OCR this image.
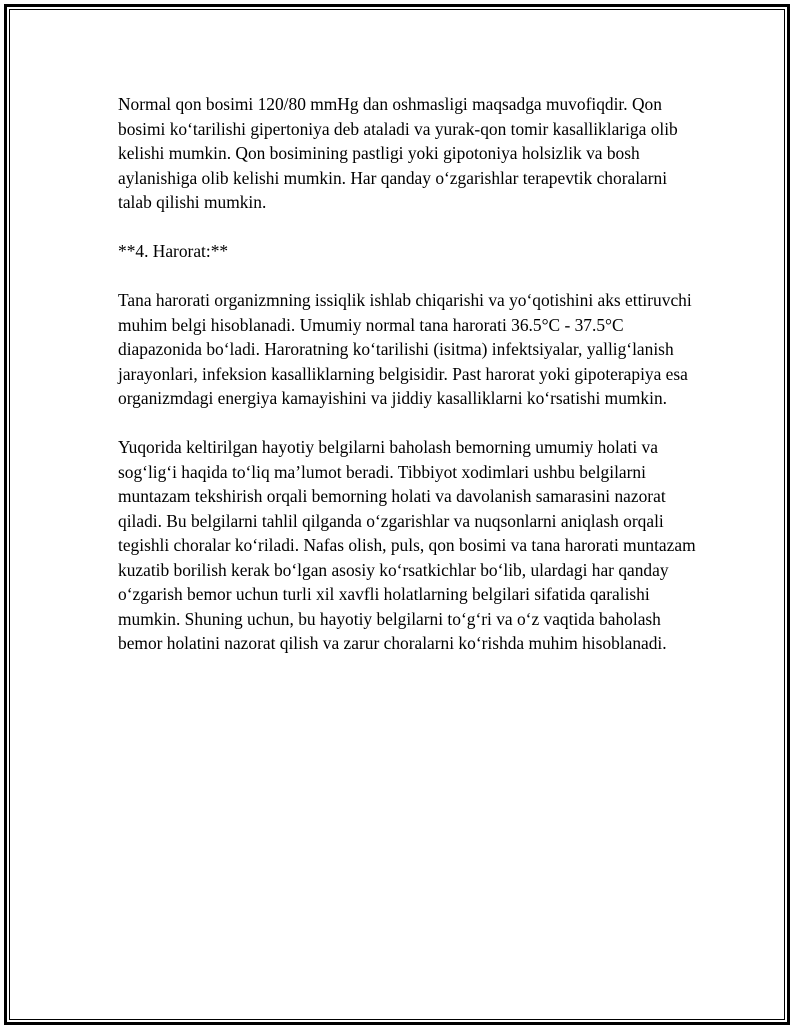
Normal qon bosimi 120/80 mmHg dan oshmasligi maqsadga muvofiqdir. Qon bosimi ko‘tarilishi gipertoniya deb ataladi va yurak-qon tomir kasalliklariga olib kelishi mumkin. Qon bosimining pastligi yoki gipotoniya holsizlik va bosh aylanishiga olib kelishi mumkin. Har qanday o‘zgarishlar terapevtik choralarni talab qilishi mumkin.

**4. Harorat:**

Tana harorati organizmning issiqlik ishlab chiqarishi va yo‘qotishini aks ettiruvchi muhim belgi hisoblanadi. Umumiy normal tana harorati 36.5°C - 37.5°C diapazonida bo‘ladi. Haroratning ko‘tarilishi (isitma) infektsiyalar, yallig‘lanish jarayonlari, infeksion kasalliklarning belgisidir. Past harorat yoki gipoterapiya esa organizmdagi energiya kamayishini va jiddiy kasalliklarni ko‘rsatishi mumkin.

Yuqorida keltirilgan hayotiy belgilarni baholash bemorning umumiy holati va sog‘lig‘i haqida to‘liq ma’lumot beradi. Tibbiyot xodimlari ushbu belgilarni muntazam tekshirish orqali bemorning holati va davolanish samarasini nazorat qiladi. Bu belgilarni tahlil qilganda o‘zgarishlar va nuqsonlarni aniqlash orqali tegishli choralar ko‘riladi. Nafas olish, puls, qon bosimi va tana harorati muntazam kuzatib borilish kerak bo‘lgan asosiy ko‘rsatkichlar bo‘lib, ulardagi har qanday o‘zgarish bemor uchun turli xil xavfli holatlarning belgilari sifatida qaralishi mumkin. Shuning uchun, bu hayotiy belgilarni to‘g‘ri va o‘z vaqtida baholash bemor holatini nazorat qilish va zarur choralarni ko‘rishda muhim hisoblanadi.
